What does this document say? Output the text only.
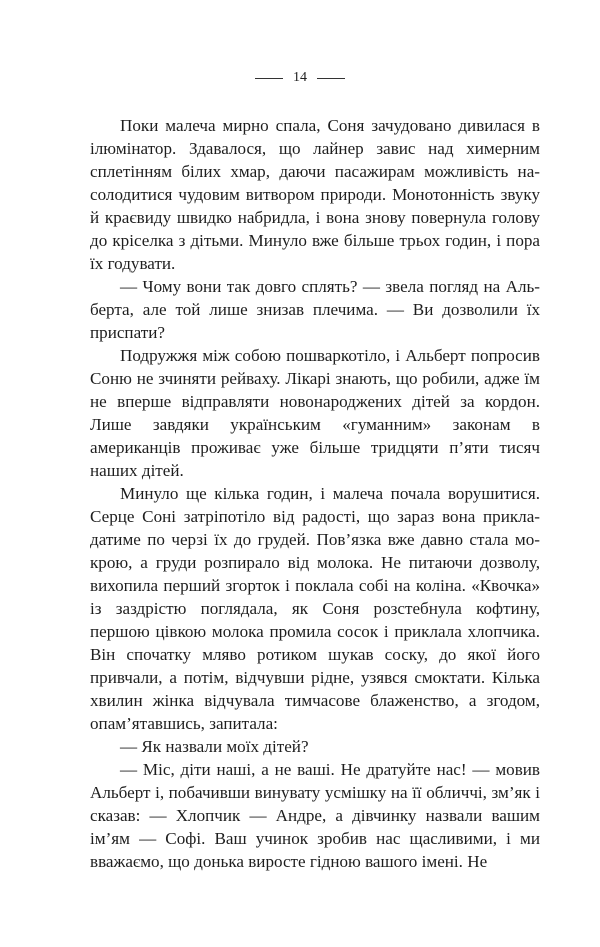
14

Поки малеча мирно спала, Соня зачудовано дивилася в ілюмінатор. Здавалося, що лайнер завис над химерним сплетінням білих хмар, даючи пасажирам можливість насолодитися чудовим витвором природи. Монотонність звуку й краєвиду швидко набридла, і вона знову повернула голову до кріселка з дітьми. Минуло вже більше трьох годин, і пора їх годувати.

— Чому вони так довго сплять? — звела погляд на Альберта, але той лише знизав плечима. — Ви дозволили їх приспати?

Подружжя між собою пошваркотіло, і Альберт попросив Соню не зчиняти рейваху. Лікарі знають, що робили, адже їм не вперше відправляти новонароджених дітей за кордон. Лише завдяки українським «гуманним» законам в американців проживає уже більше тридцяти п’яти тисяч наших дітей.

Минуло ще кілька годин, і малеча почала ворушитися. Серце Соні затріпотіло від радості, що зараз вона прикладатиме по черзі їх до грудей. Пов’язка вже давно стала мокрою, а груди розпирало від молока. Не питаючи дозволу, вихопила перший згорток і поклала собі на коліна. «Квочка» із заздрістю поглядала, як Соня розстебнула кофтину, першою цівкою молока промила сосок і приклала хлопчика. Він спочатку мляво ротиком шукав соску, до якої його привчали, а потім, відчувши рідне, узявся смоктати. Кілька хвилин жінка відчувала тимчасове блаженство, а згодом, опам’ятавшись, запитала:

— Як назвали моїх дітей?

— Міс, діти наші, а не ваші. Не дратуйте нас! — мовив Альберт і, побачивши винувату усмішку на її обличчі, зм’як і сказав: — Хлопчик — Андре, а дівчинку назвали вашим ім’ям — Софі. Ваш учинок зробив нас щасливими, і ми вважаємо, що донька виросте гідною вашого імені. Не
